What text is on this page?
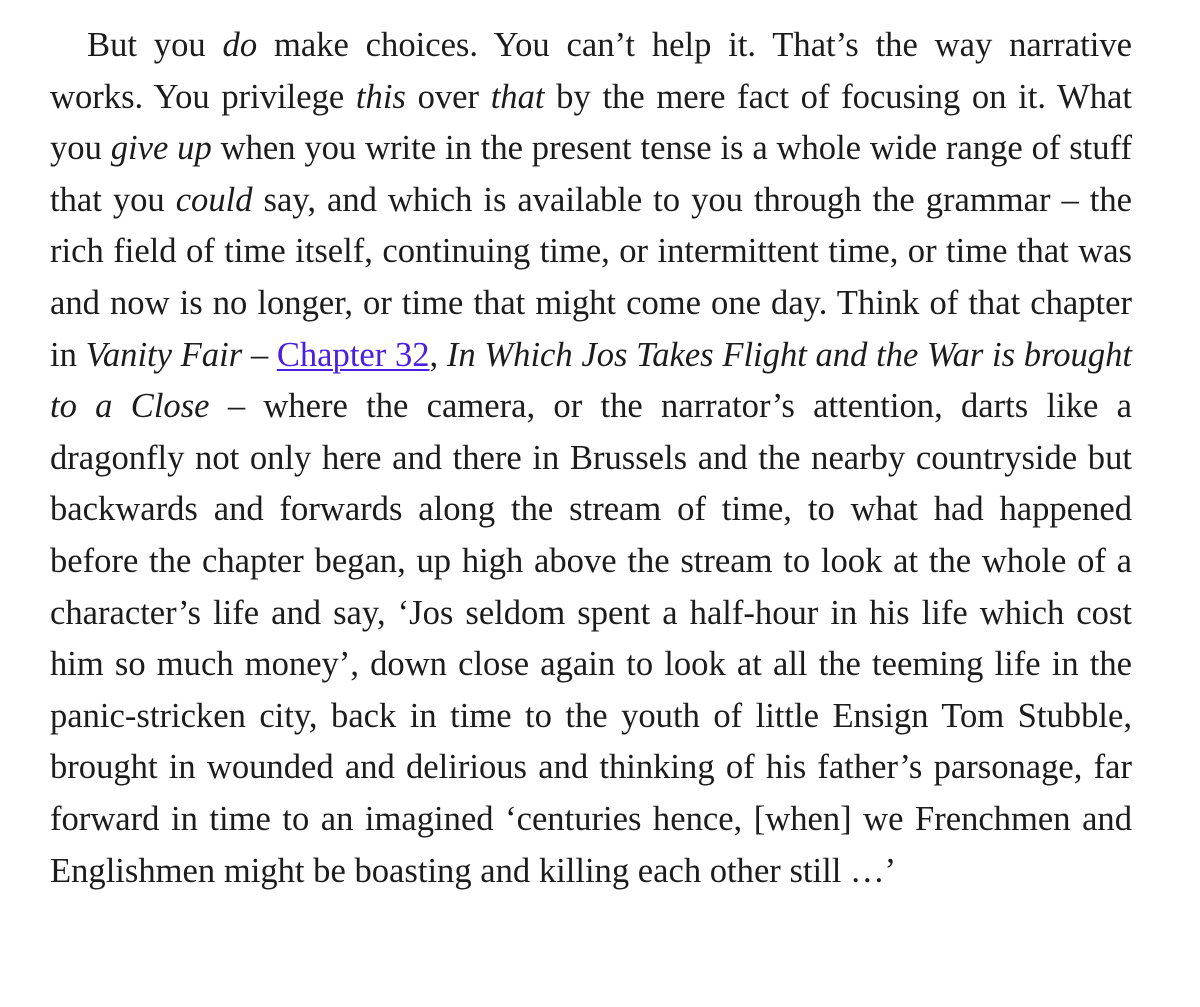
But you do make choices. You can’t help it. That’s the way narrative works. You privilege this over that by the mere fact of focusing on it. What you give up when you write in the present tense is a whole wide range of stuff that you could say, and which is available to you through the grammar – the rich field of time itself, continuing time, or intermittent time, or time that was and now is no longer, or time that might come one day. Think of that chapter in Vanity Fair – Chapter 32, In Which Jos Takes Flight and the War is brought to a Close – where the camera, or the narrator’s attention, darts like a dragonfly not only here and there in Brussels and the nearby countryside but backwards and forwards along the stream of time, to what had happened before the chapter began, up high above the stream to look at the whole of a character’s life and say, ‘Jos seldom spent a half-hour in his life which cost him so much money’, down close again to look at all the teeming life in the panic-stricken city, back in time to the youth of little Ensign Tom Stubble, brought in wounded and delirious and thinking of his father’s parsonage, far forward in time to an imagined ‘centuries hence, [when] we Frenchmen and Englishmen might be boasting and killing each other still …’
